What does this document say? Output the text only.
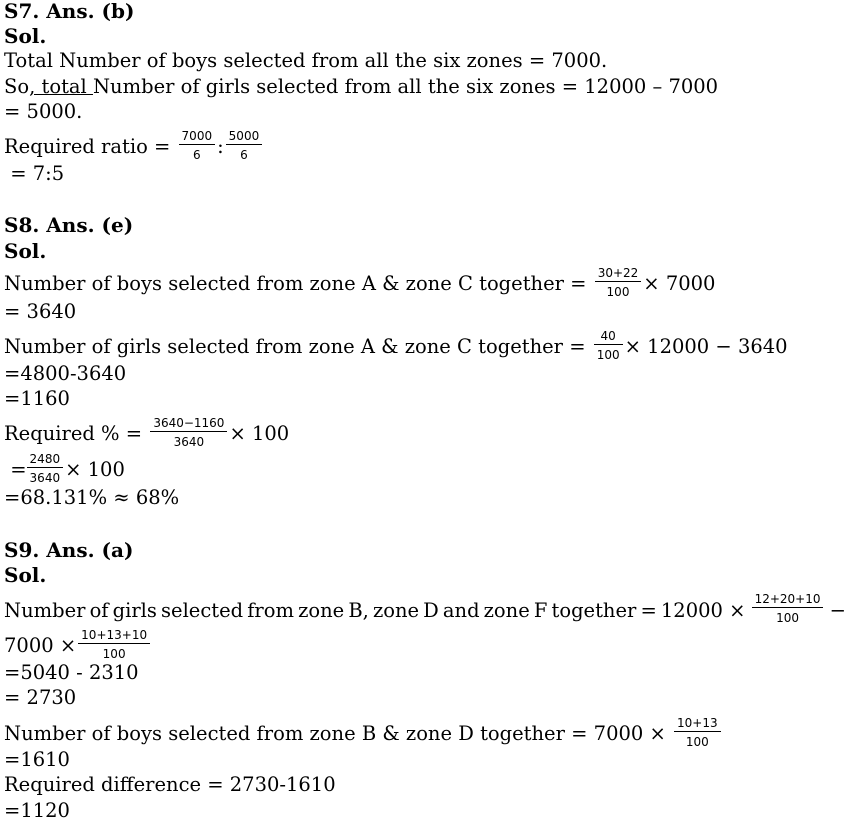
S7. Ans. (b)
Sol.
Total Number of boys selected from all the six zones = 7000.
So, total Number of girls selected from all the six zones = 12000 – 7000
= 5000.
Required ratio = $\frac{7000}{6}$ : $\frac{5000}{6}$
= 7:5
S8. Ans. (e)
Sol.
Number of boys selected from zone A & zone C together = $\frac{30+22}{100} \times 7000$
= 3640
Number of girls selected from zone A & zone C together = $\frac{40}{100} \times 12000 - 3640$
=4800-3640
=1160
Required % = $\frac{3640-1160}{3640} \times 100$
= $\frac{2480}{3640} \times 100$
=68.131% ≈ 68%
S9. Ans. (a)
Sol.
Number of girls selected from zone B, zone D and zone F together = $12000 \times \frac{12+20+10}{100}$ −
$7000 \times \frac{10+13+10}{100}$
=5040 - 2310
= 2730
Number of boys selected from zone B & zone D together = $7000 \times \frac{10+13}{100}$
=1610
Required difference = 2730-1610
=1120
